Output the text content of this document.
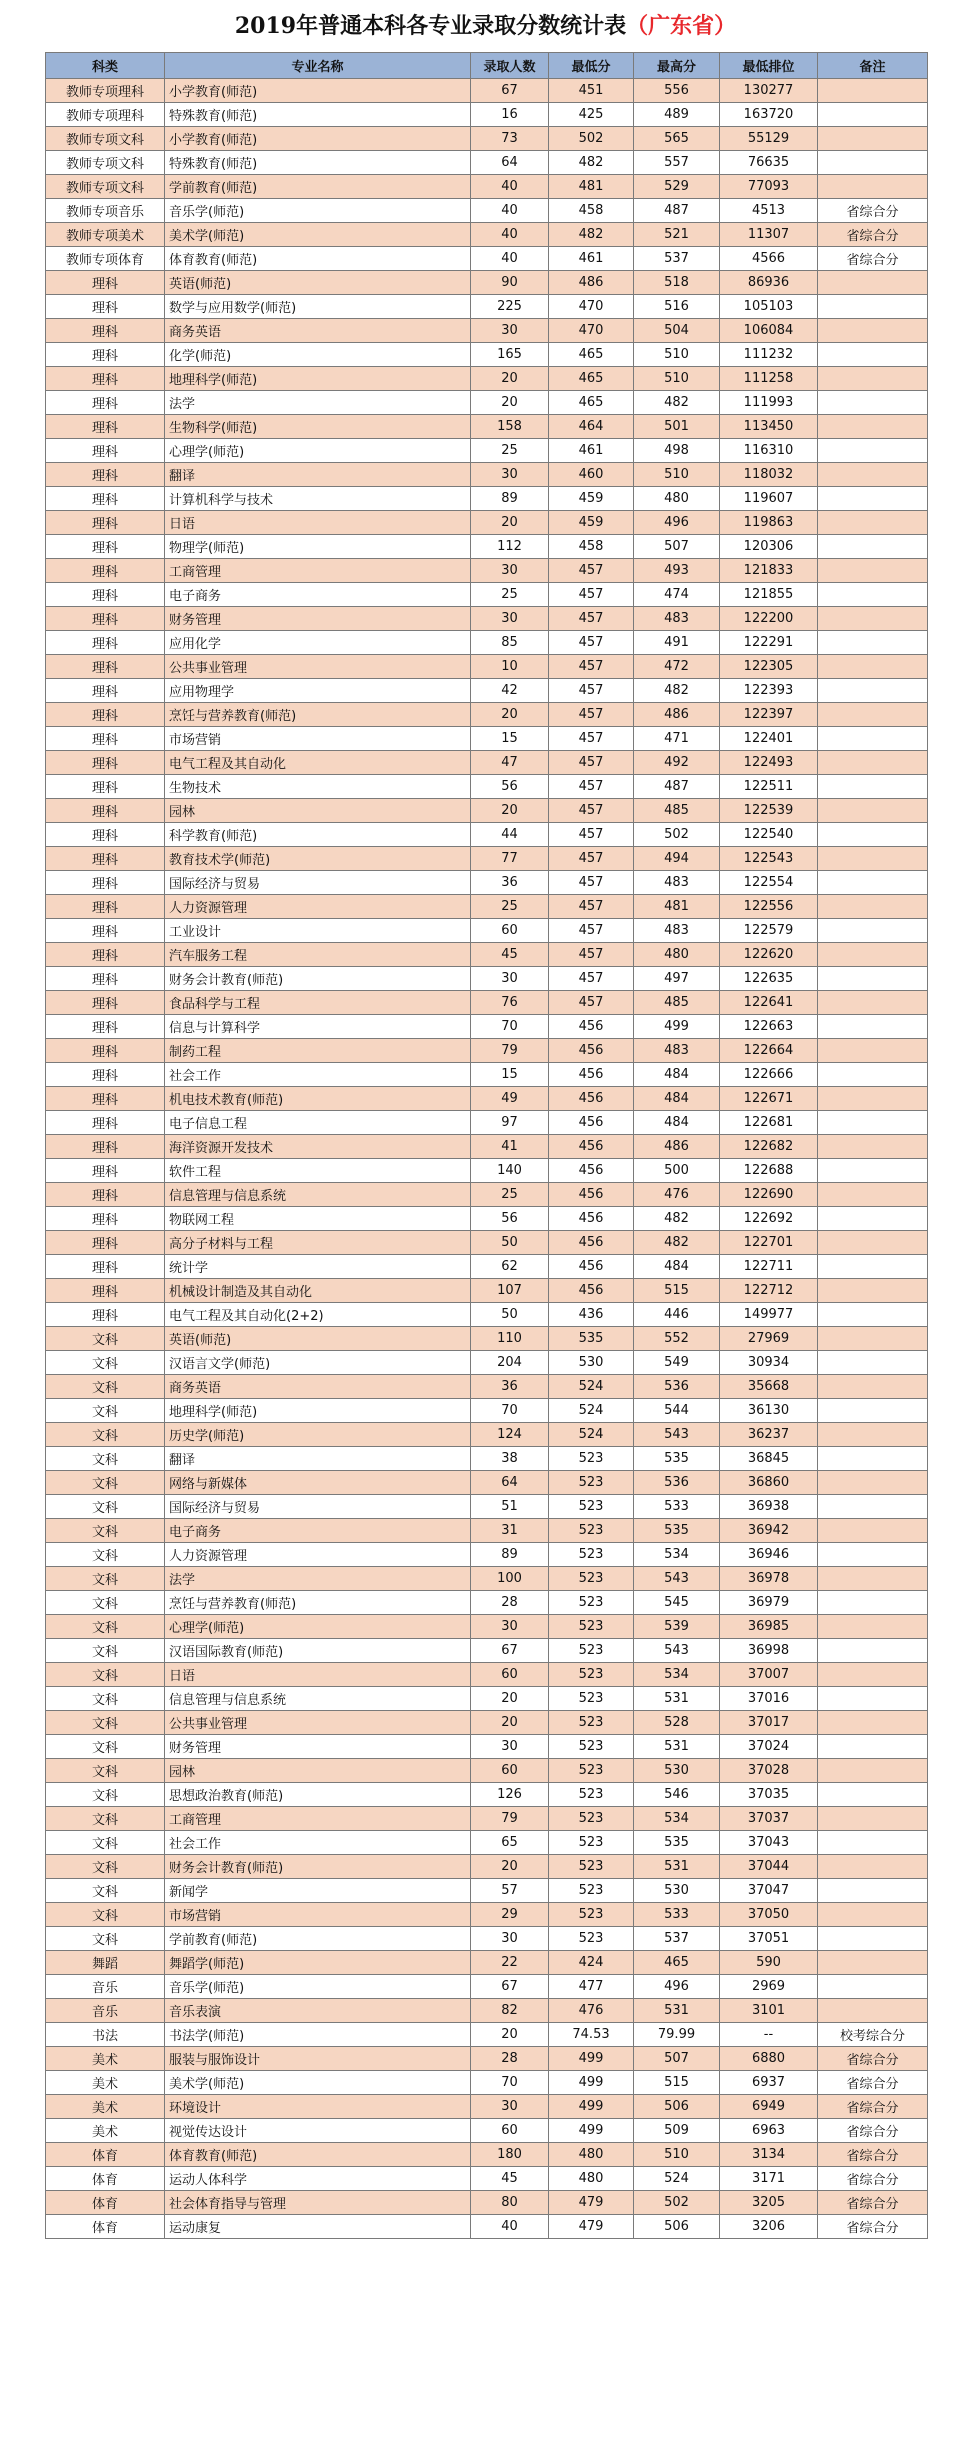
2019年普通本科各专业录取分数统计表（广东省）
科类	专业名称	录取人数	最低分	最高分	最低排位	备注
教师专项理科	小学教育(师范)	67	451	556	130277	
教师专项理科	特殊教育(师范)	16	425	489	163720	
教师专项文科	小学教育(师范)	73	502	565	55129	
教师专项文科	特殊教育(师范)	64	482	557	76635	
教师专项文科	学前教育(师范)	40	481	529	77093	
教师专项音乐	音乐学(师范)	40	458	487	4513	省综合分
教师专项美术	美术学(师范)	40	482	521	11307	省综合分
教师专项体育	体育教育(师范)	40	461	537	4566	省综合分
理科	英语(师范)	90	486	518	86936	
理科	数学与应用数学(师范)	225	470	516	105103	
理科	商务英语	30	470	504	106084	
理科	化学(师范)	165	465	510	111232	
理科	地理科学(师范)	20	465	510	111258	
理科	法学	20	465	482	111993	
理科	生物科学(师范)	158	464	501	113450	
理科	心理学(师范)	25	461	498	116310	
理科	翻译	30	460	510	118032	
理科	计算机科学与技术	89	459	480	119607	
理科	日语	20	459	496	119863	
理科	物理学(师范)	112	458	507	120306	
理科	工商管理	30	457	493	121833	
理科	电子商务	25	457	474	121855	
理科	财务管理	30	457	483	122200	
理科	应用化学	85	457	491	122291	
理科	公共事业管理	10	457	472	122305	
理科	应用物理学	42	457	482	122393	
理科	烹饪与营养教育(师范)	20	457	486	122397	
理科	市场营销	15	457	471	122401	
理科	电气工程及其自动化	47	457	492	122493	
理科	生物技术	56	457	487	122511	
理科	园林	20	457	485	122539	
理科	科学教育(师范)	44	457	502	122540	
理科	教育技术学(师范)	77	457	494	122543	
理科	国际经济与贸易	36	457	483	122554	
理科	人力资源管理	25	457	481	122556	
理科	工业设计	60	457	483	122579	
理科	汽车服务工程	45	457	480	122620	
理科	财务会计教育(师范)	30	457	497	122635	
理科	食品科学与工程	76	457	485	122641	
理科	信息与计算科学	70	456	499	122663	
理科	制药工程	79	456	483	122664	
理科	社会工作	15	456	484	122666	
理科	机电技术教育(师范)	49	456	484	122671	
理科	电子信息工程	97	456	484	122681	
理科	海洋资源开发技术	41	456	486	122682	
理科	软件工程	140	456	500	122688	
理科	信息管理与信息系统	25	456	476	122690	
理科	物联网工程	56	456	482	122692	
理科	高分子材料与工程	50	456	482	122701	
理科	统计学	62	456	484	122711	
理科	机械设计制造及其自动化	107	456	515	122712	
理科	电气工程及其自动化(2+2)	50	436	446	149977	
文科	英语(师范)	110	535	552	27969	
文科	汉语言文学(师范)	204	530	549	30934	
文科	商务英语	36	524	536	35668	
文科	地理科学(师范)	70	524	544	36130	
文科	历史学(师范)	124	524	543	36237	
文科	翻译	38	523	535	36845	
文科	网络与新媒体	64	523	536	36860	
文科	国际经济与贸易	51	523	533	36938	
文科	电子商务	31	523	535	36942	
文科	人力资源管理	89	523	534	36946	
文科	法学	100	523	543	36978	
文科	烹饪与营养教育(师范)	28	523	545	36979	
文科	心理学(师范)	30	523	539	36985	
文科	汉语国际教育(师范)	67	523	543	36998	
文科	日语	60	523	534	37007	
文科	信息管理与信息系统	20	523	531	37016	
文科	公共事业管理	20	523	528	37017	
文科	财务管理	30	523	531	37024	
文科	园林	60	523	530	37028	
文科	思想政治教育(师范)	126	523	546	37035	
文科	工商管理	79	523	534	37037	
文科	社会工作	65	523	535	37043	
文科	财务会计教育(师范)	20	523	531	37044	
文科	新闻学	57	523	530	37047	
文科	市场营销	29	523	533	37050	
文科	学前教育(师范)	30	523	537	37051	
舞蹈	舞蹈学(师范)	22	424	465	590	
音乐	音乐学(师范)	67	477	496	2969	
音乐	音乐表演	82	476	531	3101	
书法	书法学(师范)	20	74.53	79.99	--	校考综合分
美术	服装与服饰设计	28	499	507	6880	省综合分
美术	美术学(师范)	70	499	515	6937	省综合分
美术	环境设计	30	499	506	6949	省综合分
美术	视觉传达设计	60	499	509	6963	省综合分
体育	体育教育(师范)	180	480	510	3134	省综合分
体育	运动人体科学	45	480	524	3171	省综合分
体育	社会体育指导与管理	80	479	502	3205	省综合分
体育	运动康复	40	479	506	3206	省综合分
